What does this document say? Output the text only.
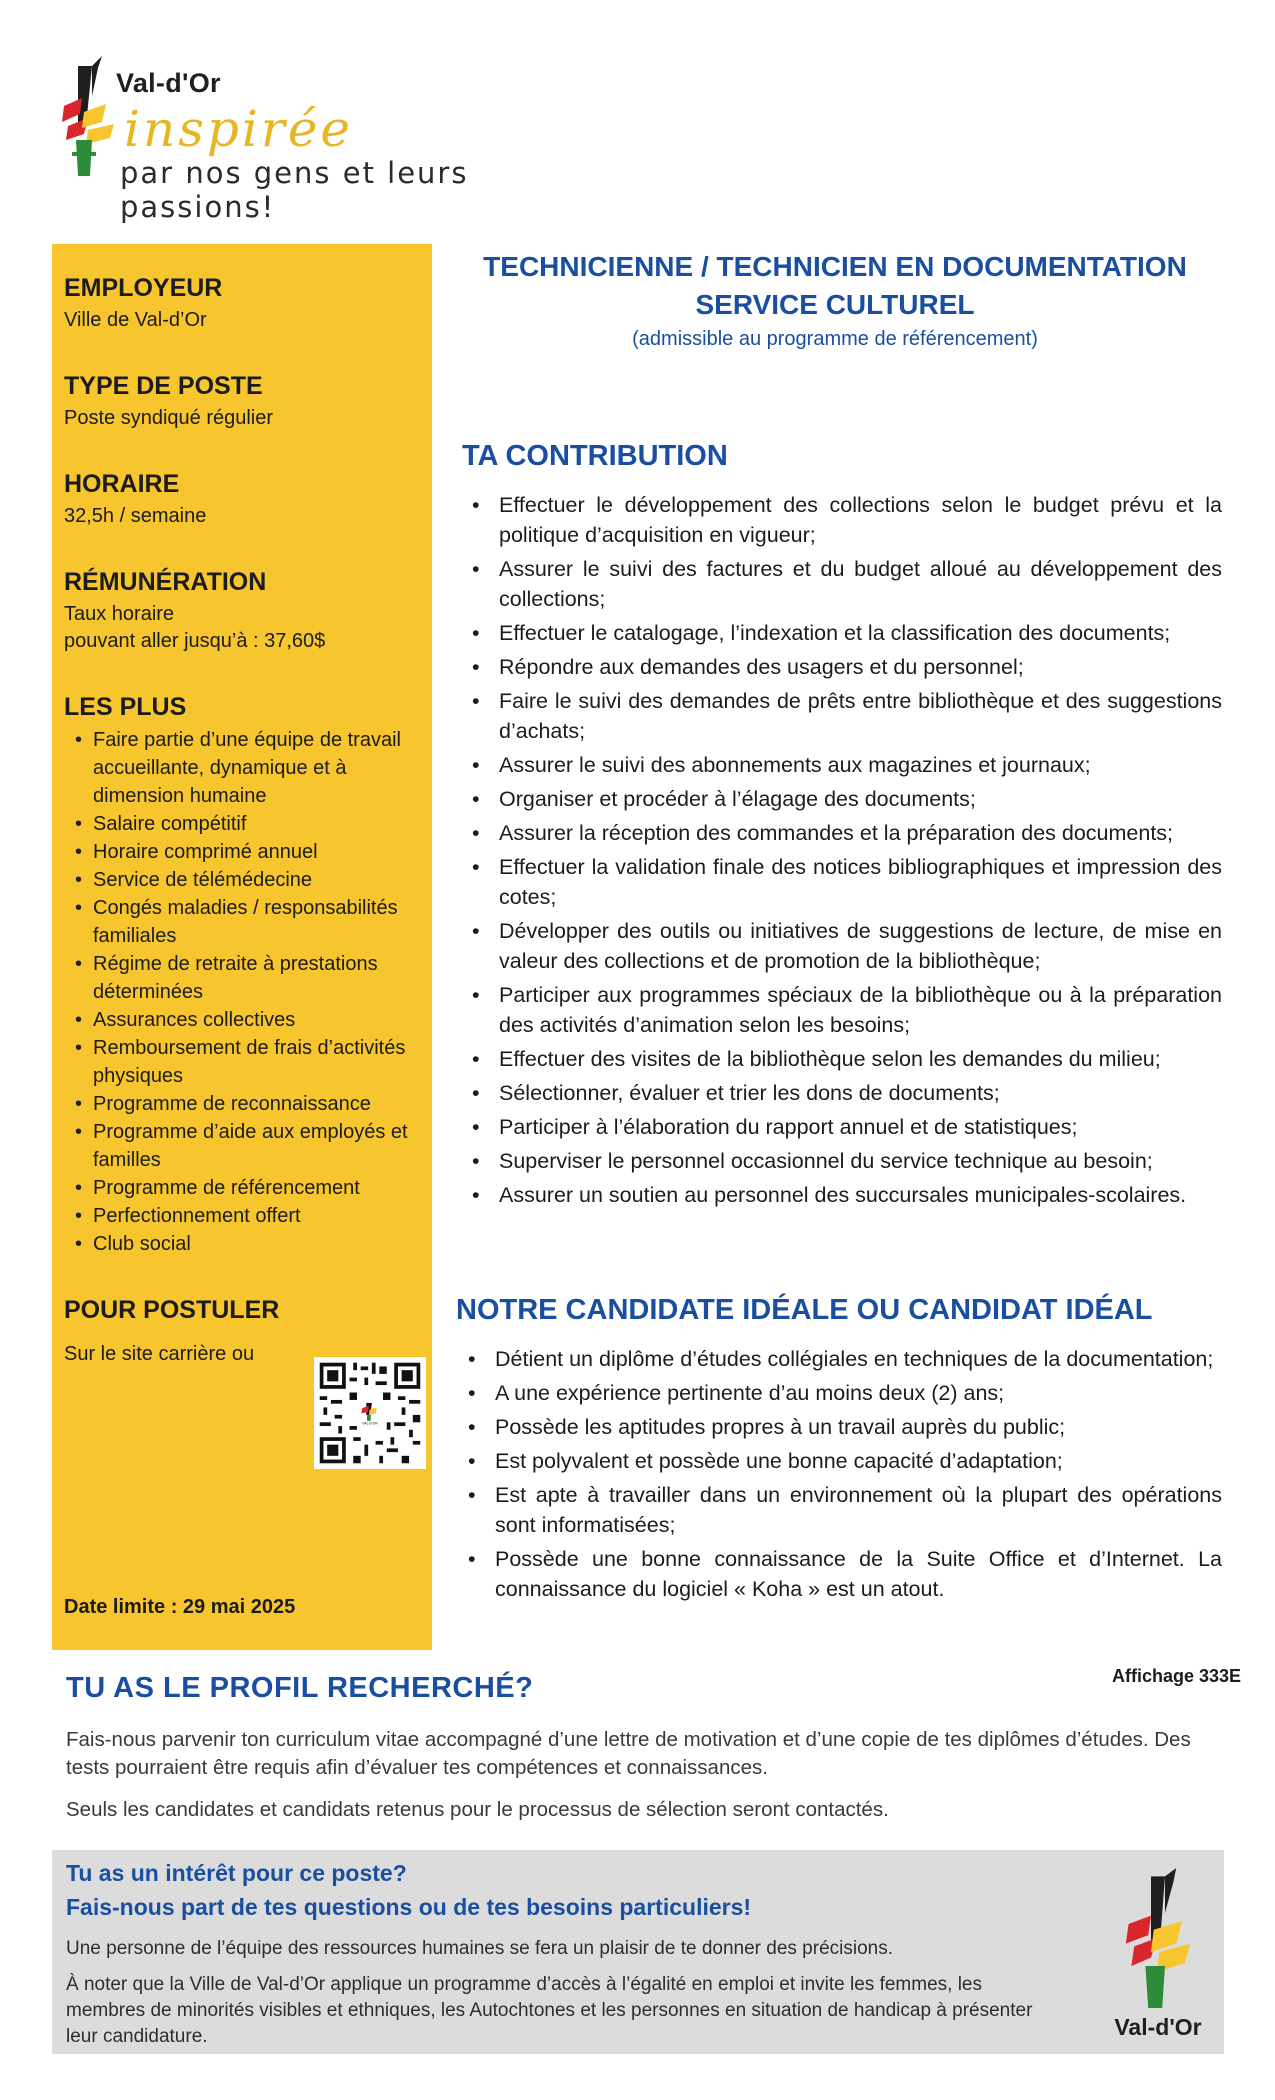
Val-d'Or
inspirée
par nos gens et leurs passions!
EMPLOYEUR
Ville de Val-d’Or
TYPE DE POSTE
Poste syndiqué régulier
HORAIRE
32,5h / semaine
RÉMUNÉRATION
Taux horaire
pouvant aller jusqu’à : 37,60$
LES PLUS
• Faire partie d’une équipe de travail accueillante, dynamique et à dimension humaine
• Salaire compétitif
• Horaire comprimé annuel
• Service de télémédecine
• Congés maladies / responsabilités familiales
• Régime de retraite à prestations déterminées
• Assurances collectives
• Remboursement de frais d’activités physiques
• Programme de reconnaissance
• Programme d’aide aux employés et familles
• Programme de référencement
• Perfectionnement offert
• Club social
POUR POSTULER
Sur le site carrière ou
Date limite : 29 mai 2025
TECHNICIENNE / TECHNICIEN EN DOCUMENTATION
SERVICE CULTUREL
(admissible au programme de référencement)
TA CONTRIBUTION
• Effectuer le développement des collections selon le budget prévu et la politique d’acquisition en vigueur;
• Assurer le suivi des factures et du budget alloué au développement des collections;
• Effectuer le catalogage, l’indexation et la classification des documents;
• Répondre aux demandes des usagers et du personnel;
• Faire le suivi des demandes de prêts entre bibliothèque et des suggestions d’achats;
• Assurer le suivi des abonnements aux magazines et journaux;
• Organiser et procéder à l’élagage des documents;
• Assurer la réception des commandes et la préparation des documents;
• Effectuer la validation finale des notices bibliographiques et impression des cotes;
• Développer des outils ou initiatives de suggestions de lecture, de mise en valeur des collections et de promotion de la bibliothèque;
• Participer aux programmes spéciaux de la bibliothèque ou à la préparation des activités d’animation selon les besoins;
• Effectuer des visites de la bibliothèque selon les demandes du milieu;
• Sélectionner, évaluer et trier les dons de documents;
• Participer à l’élaboration du rapport annuel et de statistiques;
• Superviser le personnel occasionnel du service technique au besoin;
• Assurer un soutien au personnel des succursales municipales-scolaires.
NOTRE CANDIDATE IDÉALE OU CANDIDAT IDÉAL
• Détient un diplôme d’études collégiales en techniques de la documentation;
• A une expérience pertinente d’au moins deux (2) ans;
• Possède les aptitudes propres à un travail auprès du public;
• Est polyvalent et possède une bonne capacité d’adaptation;
• Est apte à travailler dans un environnement où la plupart des opérations sont informatisées;
• Possède une bonne connaissance de la Suite Office et d’Internet. La connaissance du logiciel « Koha » est un atout.
Affichage 333E
TU AS LE PROFIL RECHERCHÉ?
Fais-nous parvenir ton curriculum vitae accompagné d’une lettre de motivation et d’une copie de tes diplômes d’études. Des tests pourraient être requis afin d’évaluer tes compétences et connaissances.
Seuls les candidates et candidats retenus pour le processus de sélection seront contactés.
Tu as un intérêt pour ce poste?
Fais-nous part de tes questions ou de tes besoins particuliers!
Une personne de l’équipe des ressources humaines se fera un plaisir de te donner des précisions.
À noter que la Ville de Val-d’Or applique un programme d’accès à l’égalité en emploi et invite les femmes, les membres de minorités visibles et ethniques, les Autochtones et les personnes en situation de handicap à présenter leur candidature.	Val-d'Or
